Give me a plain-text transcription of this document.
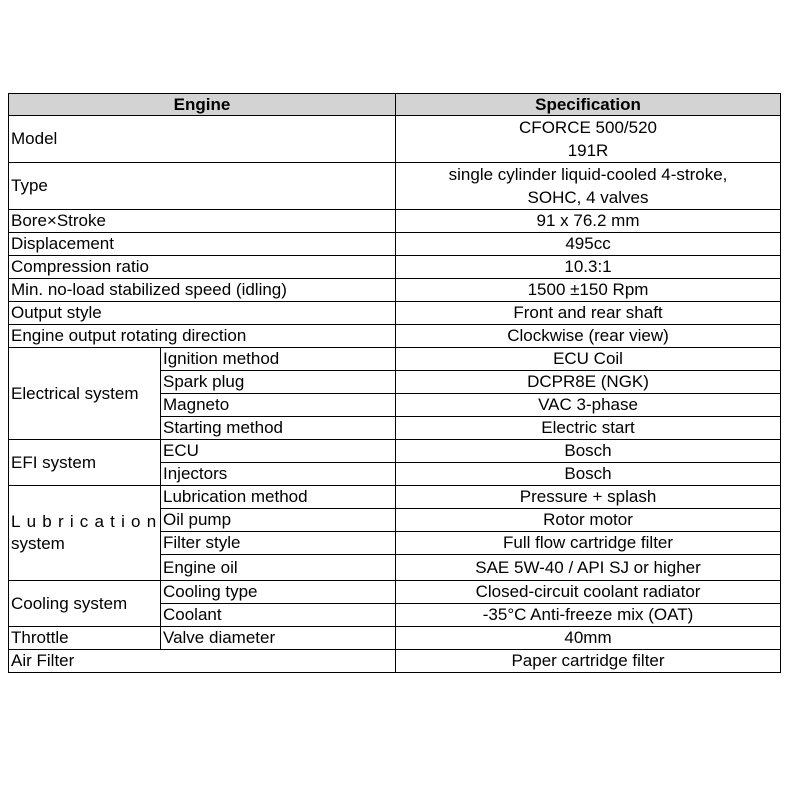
Engine		Specification
Model		CFORCE 500/520
191R
Type		single cylinder liquid-cooled 4-stroke,
SOHC, 4 valves
Bore×Stroke		91 x 76.2 mm
Displacement		495cc
Compression ratio		10.3:1
Min. no-load stabilized speed (idling)		1500 ±150 Rpm
Output style		Front and rear shaft
Engine output rotating direction		Clockwise (rear view)
Electrical system	Ignition method	ECU Coil
	Spark plug	DCPR8E (NGK)
	Magneto	VAC 3-phase
	Starting method	Electric start
EFI system	ECU	Bosch
	Injectors	Bosch
Lubrication
system	Lubrication method	Pressure + splash
	Oil pump	Rotor motor
	Filter style	Full flow cartridge filter
	Engine oil	SAE 5W-40 / API SJ or higher
Cooling system	Cooling type	Closed-circuit coolant radiator
	Coolant	-35°C Anti-freeze mix (OAT)
Throttle	Valve diameter	40mm
Air Filter		Paper cartridge filter
